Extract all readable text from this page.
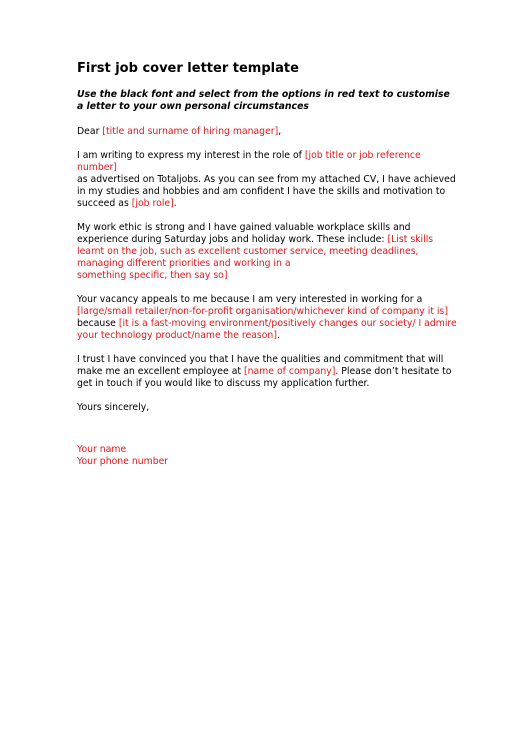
First job cover letter template

Use the black font and select from the options in red text to customise a letter to your own personal circumstances

Dear [title and surname of hiring manager],

I am writing to express my interest in the role of [job title or job reference number]
as advertised on Totaljobs. As you can see from my attached CV, I have achieved in my studies and hobbies and am confident I have the skills and motivation to succeed as [job role].

My work ethic is strong and I have gained valuable workplace skills and experience during Saturday jobs and holiday work. These include: [List skills learnt on the job, such as excellent customer service, meeting deadlines, managing different priorities and working in a
something specific, then say so]

Your vacancy appeals to me because I am very interested in working for a
[large/small retailer/non-for-profit organisation/whichever kind of company it is]
because [it is a fast-moving environment/positively changes our society/ I admire your technology product/name the reason].

I trust I have convinced you that I have the qualities and commitment that will make me an excellent employee at [name of company]. Please don’t hesitate to get in touch if you would like to discuss my application further.

Yours sincerely,

Your name
Your phone number
